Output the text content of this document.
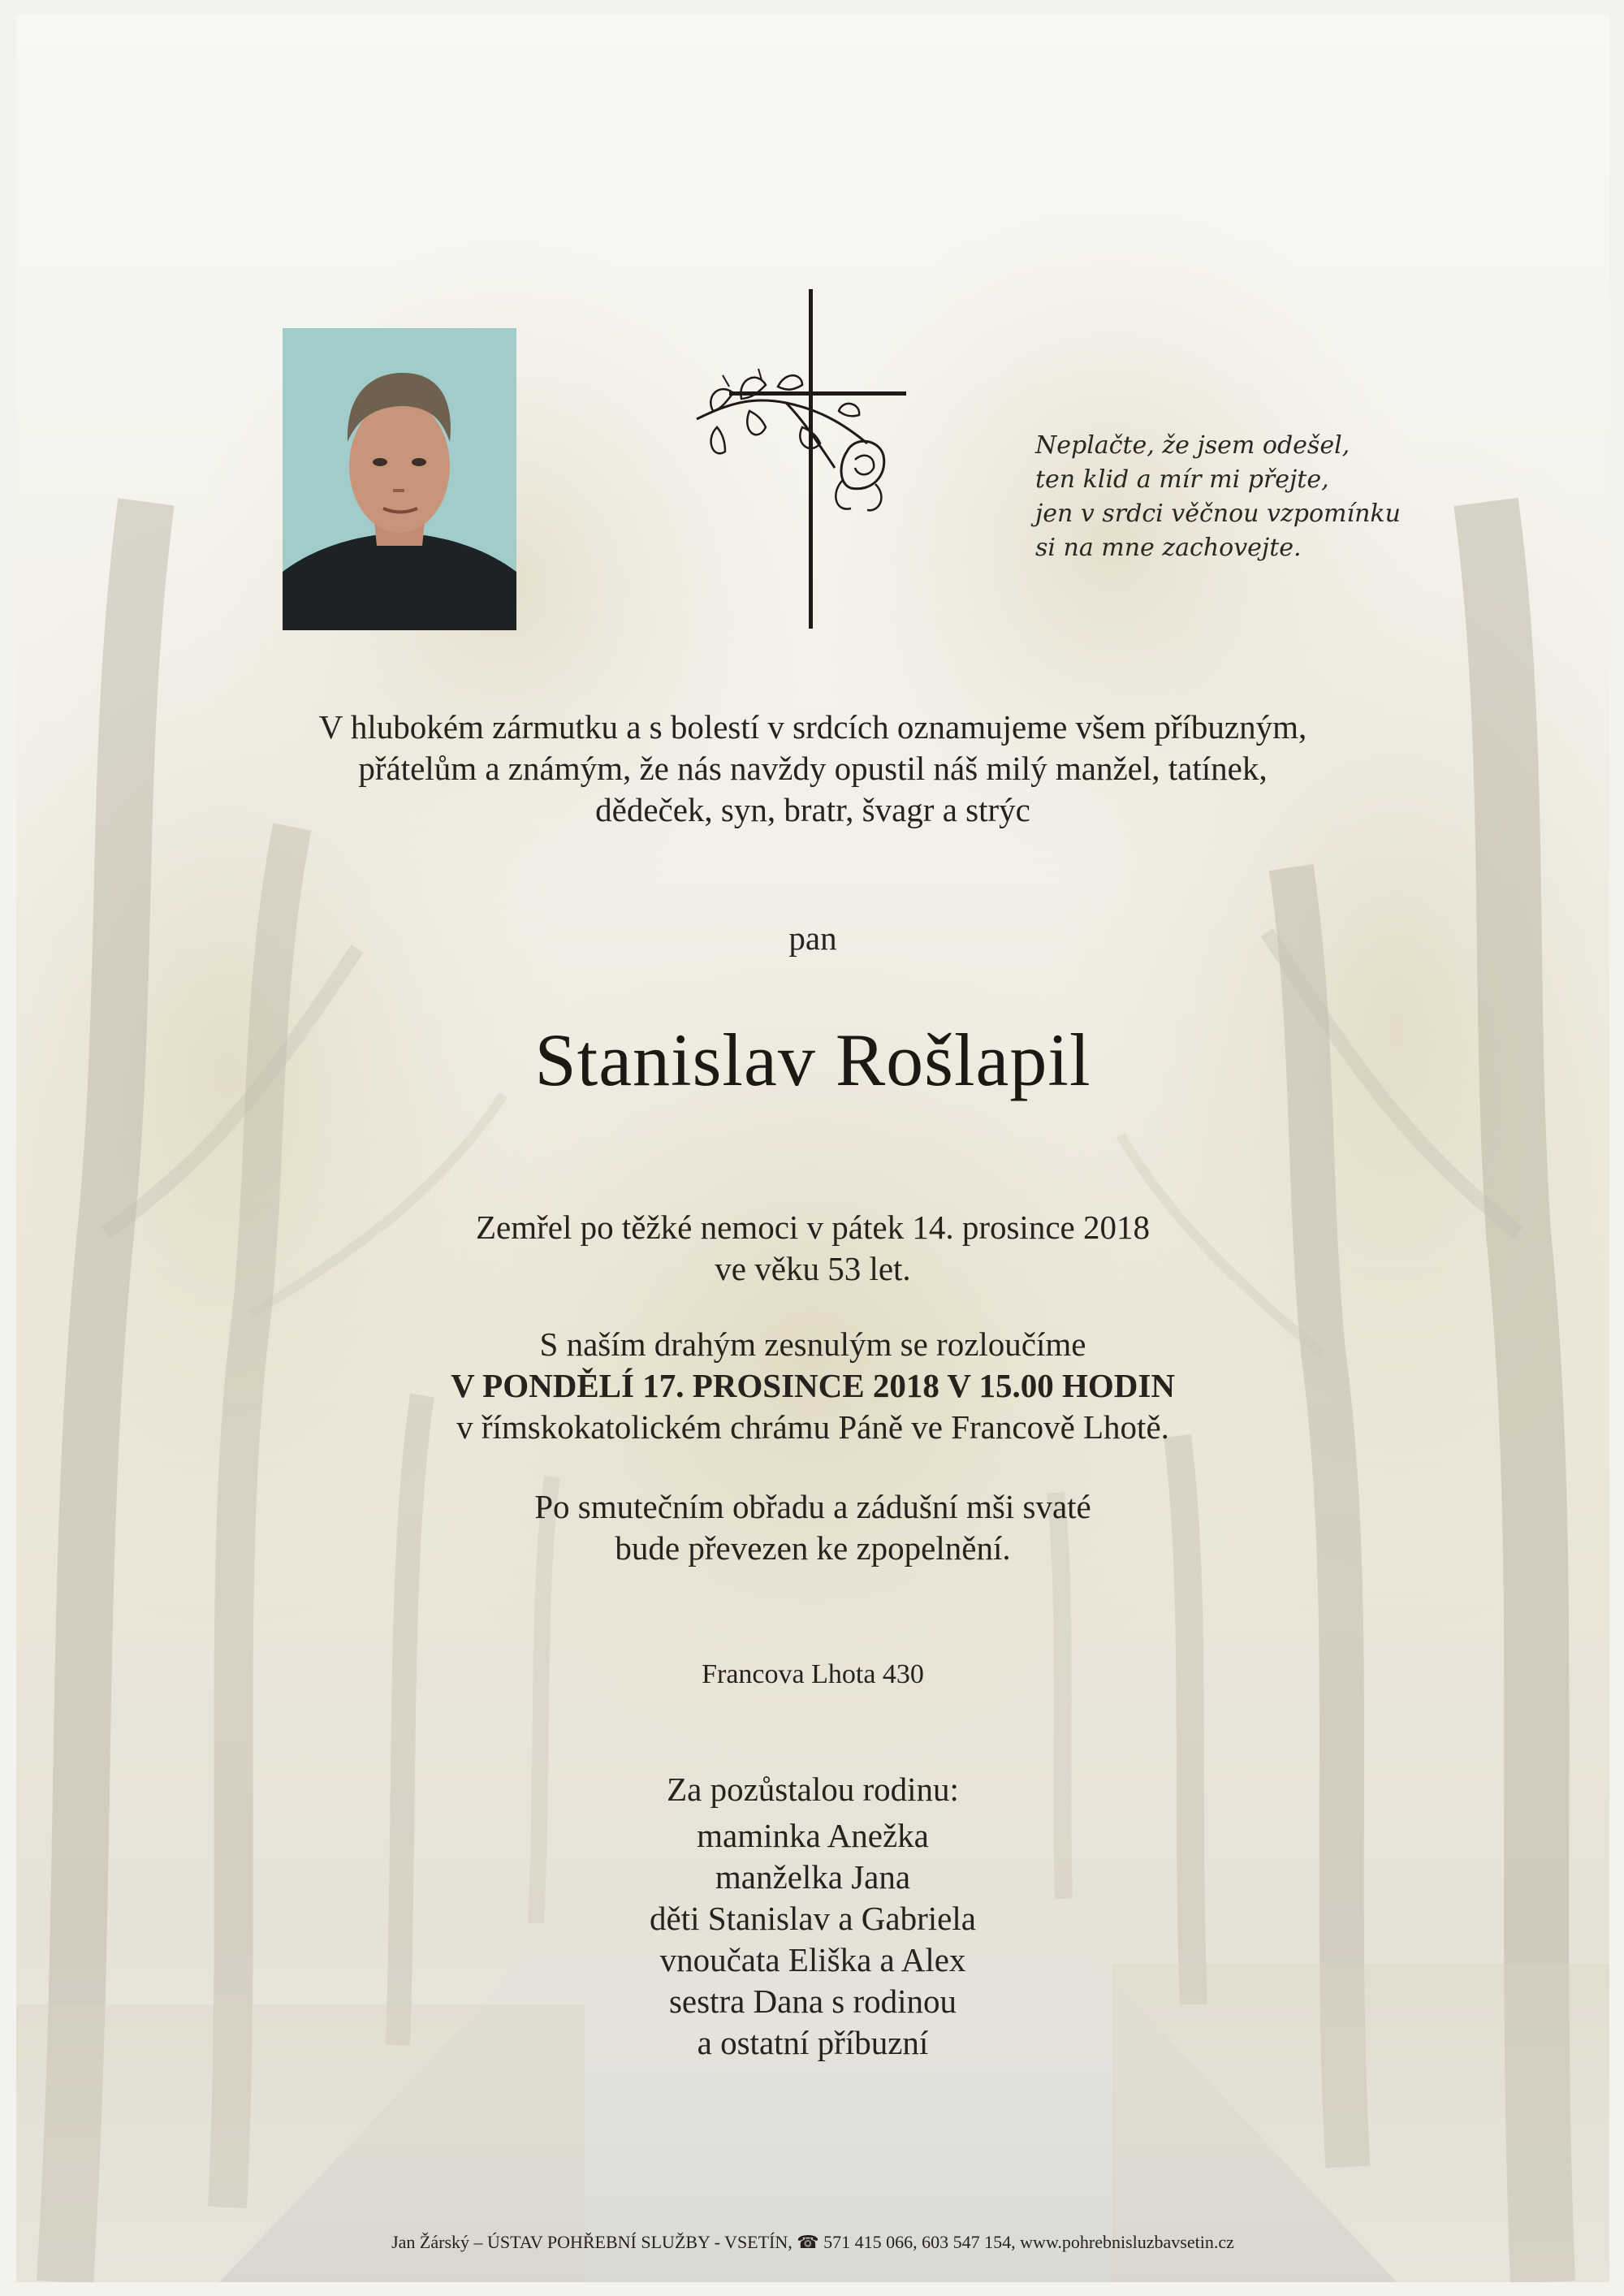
Neplačte, že jsem odešel,
ten klid a mír mi přejte,
jen v srdci věčnou vzpomínku
si na mne zachovejte.
V hlubokém zármutku a s bolestí v srdcích oznamujeme všem příbuzným,
přátelům a známým, že nás navždy opustil náš milý manžel, tatínek,
dědeček, syn, bratr, švagr a strýc
pan
Stanislav Rošlapil
Zemřel po těžké nemoci v pátek 14. prosince 2018
ve věku 53 let.
S naším drahým zesnulým se rozloučíme
V PONDĚLÍ 17. PROSINCE 2018 V 15.00 HODIN
v římskokatolickém chrámu Páně ve Francově Lhotě.
Po smutečním obřadu a zádušní mši svaté
bude převezen ke zpopelnění.
Francova Lhota 430
Za pozůstalou rodinu:
maminka Anežka
manželka Jana
děti Stanislav a Gabriela
vnoučata Eliška a Alex
sestra Dana s rodinou
a ostatní příbuzní
Jan Žárský – ÚSTAV POHŘEBNÍ SLUŽBY - VSETÍN, ☎ 571 415 066, 603 547 154, www.pohrebnisluzbavsetin.cz
